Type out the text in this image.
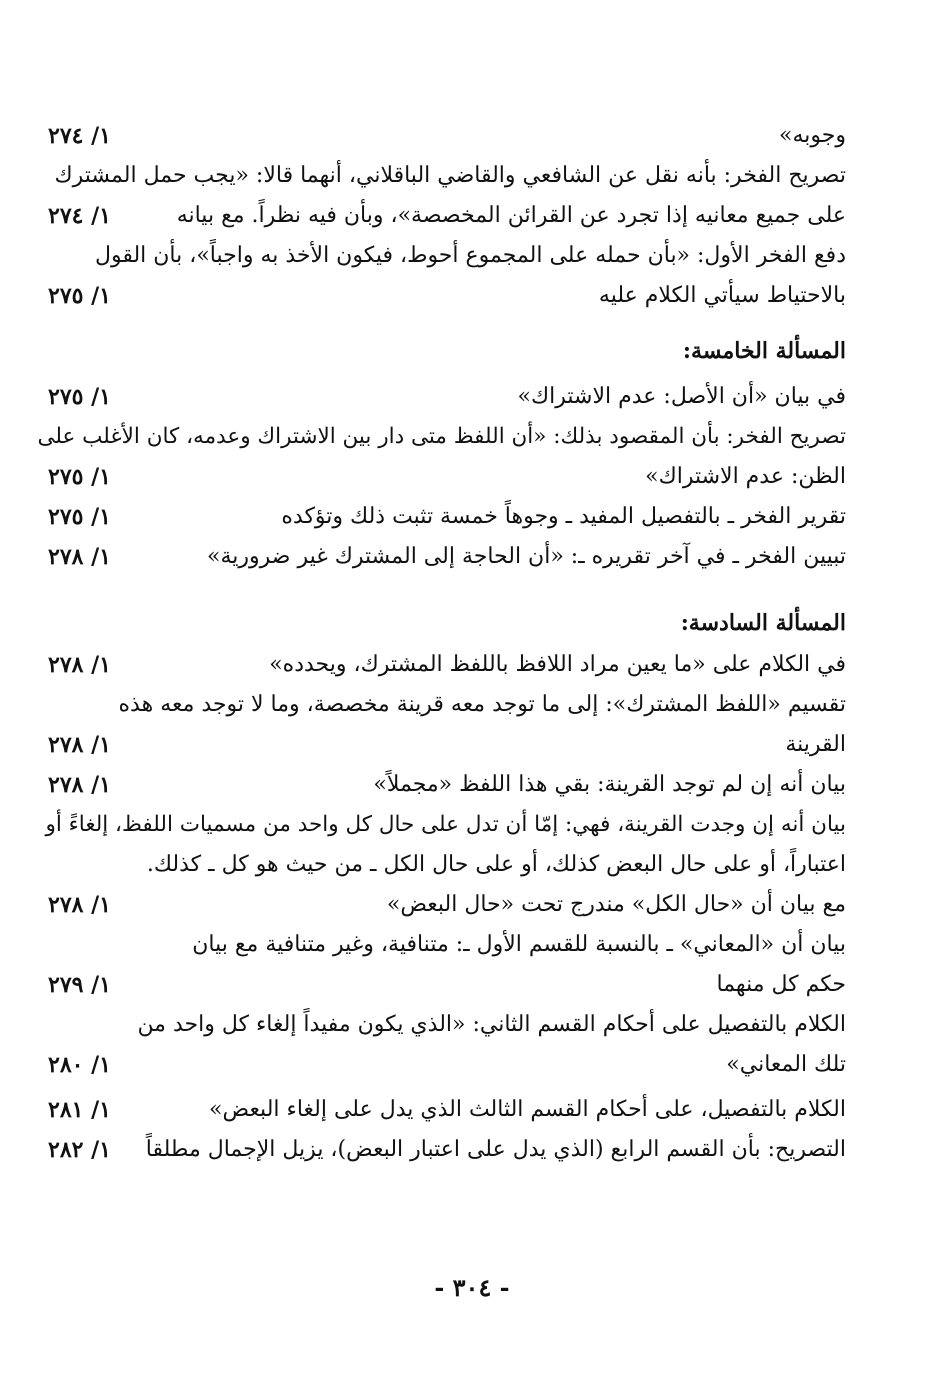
وجوبه»
١/ ٢٧٤
تصريح الفخر: بأنه نقل عن الشافعي والقاضي الباقلاني، أنهما قالا: «يجب حمل المشترك
على جميع معانيه إذا تجرد عن القرائن المخصصة»، وبأن فيه نظراً. مع بيانه
١/ ٢٧٤
دفع الفخر الأول: «بأن حمله على المجموع أحوط، فيكون الأخذ به واجباً»، بأن القول
بالاحتياط سيأتي الكلام عليه
١/ ٢٧٥
المسألة الخامسة:
في بيان «أن الأصل: عدم الاشتراك»
١/ ٢٧٥
تصريح الفخر: بأن المقصود بذلك: «أن اللفظ متى دار بين الاشتراك وعدمه، كان الأغلب على
الظن: عدم الاشتراك»
١/ ٢٧٥
تقرير الفخر ـ بالتفصيل المفيد ـ وجوهاً خمسة تثبت ذلك وتؤكده
١/ ٢٧٥
تبيين الفخر ـ في آخر تقريره ـ: «أن الحاجة إلى المشترك غير ضرورية»
١/ ٢٧٨
المسألة السادسة:
في الكلام على «ما يعين مراد اللافظ باللفظ المشترك، ويحدده»
١/ ٢٧٨
تقسيم «اللفظ المشترك»: إلى ما توجد معه قرينة مخصصة، وما لا توجد معه هذه
القرينة
١/ ٢٧٨
بيان أنه إن لم توجد القرينة: بقي هذا اللفظ «مجملاً»
١/ ٢٧٨
بيان أنه إن وجدت القرينة، فهي: إمّا أن تدل على حال كل واحد من مسميات اللفظ، إلغاءً أو
اعتباراً، أو على حال البعض كذلك، أو على حال الكل ـ من حيث هو كل ـ كذلك.
مع بيان أن «حال الكل» مندرج تحت «حال البعض»
١/ ٢٧٨
بيان أن «المعاني» ـ بالنسبة للقسم الأول ـ: متنافية، وغير متنافية مع بيان
حكم كل منهما
١/ ٢٧٩
الكلام بالتفصيل على أحكام القسم الثاني: «الذي يكون مفيداً إلغاء كل واحد من
تلك المعاني»
١/ ٢٨٠
الكلام بالتفصيل، على أحكام القسم الثالث الذي يدل على إلغاء البعض»
١/ ٢٨١
التصريح: بأن القسم الرابع (الذي يدل على اعتبار البعض)، يزيل الإجمال مطلقاً
١/ ٢٨٢
- ٣٠٤ -
